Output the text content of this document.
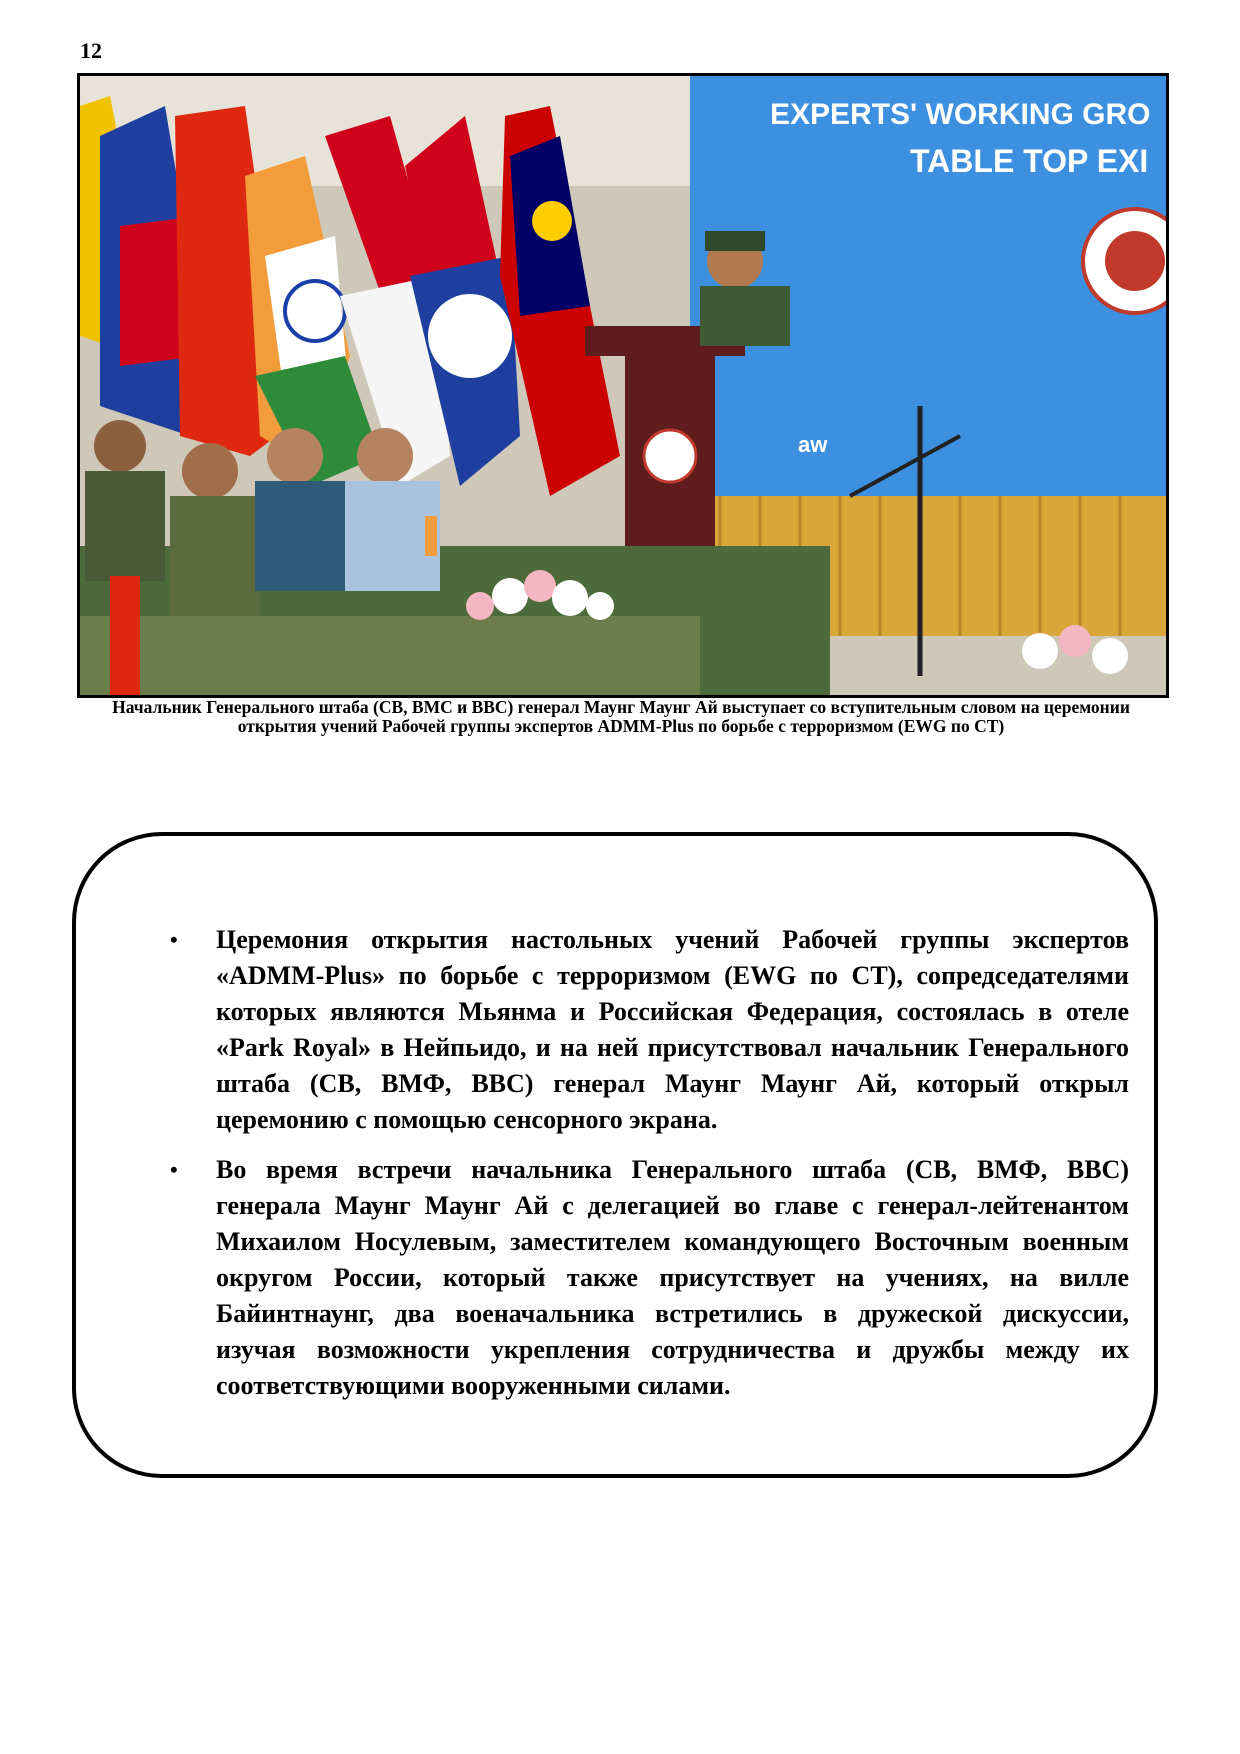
12
EXPERTS' WORKING GRO
TABLE TOP EXI
aw
Начальник Генерального штаба (СВ, ВМС и ВВС) генерал Маунг Маунг Ай выступает со вступительным словом на церемонии открытия учений Рабочей группы экспертов ADMM-Plus по борьбе с терроризмом (EWG по CT)
• Церемония открытия настольных учений Рабочей группы экспертов «ADMM-Plus» по борьбе с терроризмом (EWG по CT), сопредседателями которых являются Мьянма и Российская Федерация, состоялась в отеле «Park Royal» в Нейпьидо, и на ней присутствовал начальник Генерального штаба (СВ, ВМФ, ВВС) генерал Маунг Маунг Ай, который открыл церемонию с помощью сенсорного экрана.
• Во время встречи начальника Генерального штаба (СВ, ВМФ, ВВС) генерала Маунг Маунг Ай с делегацией во главе с генерал-лейтенантом Михаилом Носулевым, заместителем командующего Восточным военным округом России, который также присутствует на учениях, на вилле Байинтнаунг, два военачальника встретились в дружеской дискуссии, изучая возможности укрепления сотрудничества и дружбы между их соответствующими вооруженными силами.
